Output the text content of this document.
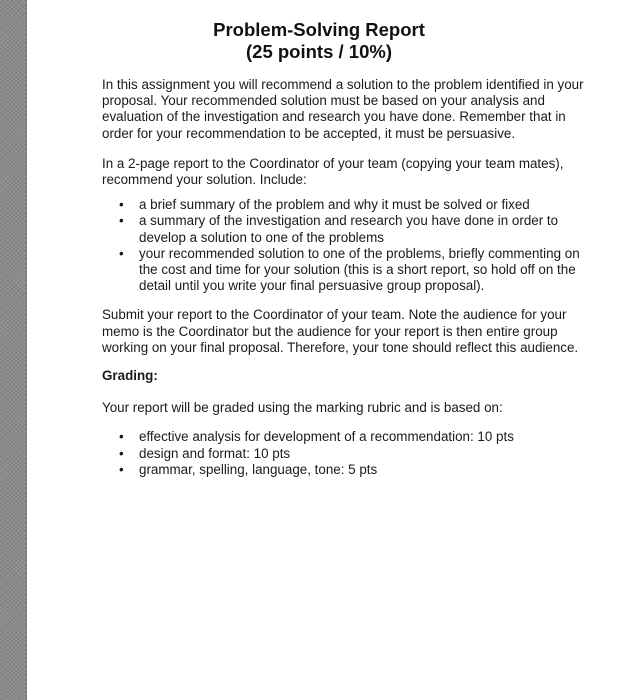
Problem-Solving Report
(25 points / 10%)

In this assignment you will recommend a solution to the problem identified in your proposal. Your recommended solution must be based on your analysis and evaluation of the investigation and research you have done. Remember that in order for your recommendation to be accepted, it must be persuasive.

In a 2-page report to the Coordinator of your team (copying your team mates), recommend your solution. Include:

• a brief summary of the problem and why it must be solved or fixed
• a summary of the investigation and research you have done in order to develop a solution to one of the problems
• your recommended solution to one of the problems, briefly commenting on the cost and time for your solution (this is a short report, so hold off on the detail until you write your final persuasive group proposal).

Submit your report to the Coordinator of your team. Note the audience for your memo is the Coordinator but the audience for your report is then entire group working on your final proposal. Therefore, your tone should reflect this audience.

Grading:

Your report will be graded using the marking rubric and is based on:

• effective analysis for development of a recommendation: 10 pts
• design and format: 10 pts
• grammar, spelling, language, tone: 5 pts
